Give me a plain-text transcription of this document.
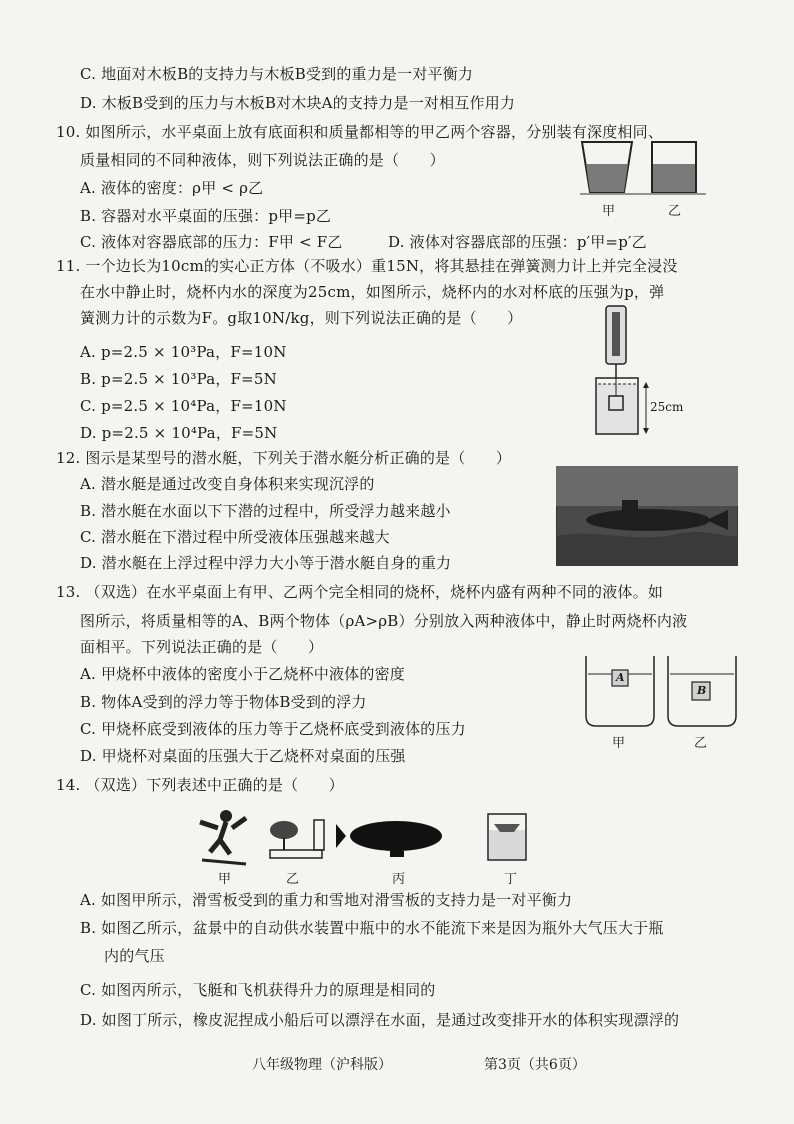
C. 地面对木板B的支持力与木板B受到的重力是一对平衡力
D. 木板B受到的压力与木板B对木块A的支持力是一对相互作用力
10. 如图所示，水平桌面上放有底面积和质量都相等的甲乙两个容器，分别装有深度相同、
质量相同的不同种液体，则下列说法正确的是（　　）
A. 液体的密度：ρ甲 < ρ乙
B. 容器对水平桌面的压强：p甲=p乙
C. 液体对容器底部的压力：F甲 < F乙	D. 液体对容器底部的压强：p′甲=p′乙
甲	乙
11. 一个边长为10cm的实心正方体（不吸水）重15N，将其悬挂在弹簧测力计上并完全浸没
在水中静止时，烧杯内水的深度为25cm，如图所示，烧杯内的水对杯底的压强为p，弹
簧测力计的示数为F。g取10N/kg，则下列说法正确的是（　　）
A. p=2.5 × 10³Pa，F=10N
B. p=2.5 × 10³Pa，F=5N
C. p=2.5 × 10⁴Pa，F=10N
D. p=2.5 × 10⁴Pa，F=5N
25cm
12. 图示是某型号的潜水艇，下列关于潜水艇分析正确的是（　　）
A. 潜水艇是通过改变自身体积来实现沉浮的
B. 潜水艇在水面以下下潜的过程中，所受浮力越来越小
C. 潜水艇在下潜过程中所受液体压强越来越大
D. 潜水艇在上浮过程中浮力大小等于潜水艇自身的重力
13. （双选）在水平桌面上有甲、乙两个完全相同的烧杯，烧杯内盛有两种不同的液体。如
图所示，将质量相等的A、B两个物体（ρA>ρB）分别放入两种液体中，静止时两烧杯内液
面相平。下列说法正确的是（　　）
A. 甲烧杯中液体的密度小于乙烧杯中液体的密度
B. 物体A受到的浮力等于物体B受到的浮力
C. 甲烧杯底受到液体的压力等于乙烧杯底受到液体的压力
D. 甲烧杯对桌面的压强大于乙烧杯对桌面的压强
A
B
甲	乙
14. （双选）下列表述中正确的是（　　）
甲	乙	丙	丁
A. 如图甲所示，滑雪板受到的重力和雪地对滑雪板的支持力是一对平衡力
B. 如图乙所示，盆景中的自动供水装置中瓶中的水不能流下来是因为瓶外大气压大于瓶
内的气压
C. 如图丙所示，飞艇和飞机获得升力的原理是相同的
D. 如图丁所示，橡皮泥捏成小船后可以漂浮在水面，是通过改变排开水的体积实现漂浮的
八年级物理（沪科版）	第3页（共6页）
